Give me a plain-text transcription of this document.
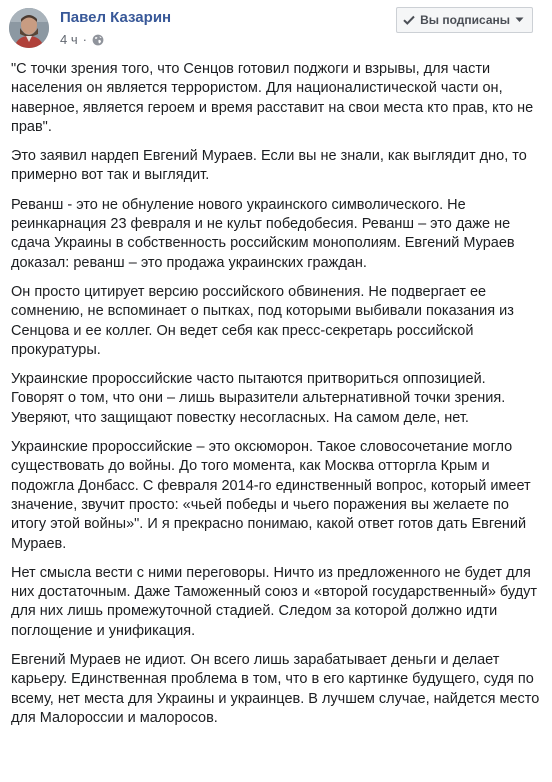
Павел Казарин
4 ч ·
Вы подписаны

"С точки зрения того, что Сенцов готовил поджоги и взрывы, для части населения он является террористом. Для националистической части он, наверное, является героем и время расставит на свои места кто прав, кто не прав".

Это заявил нардеп Евгений Мураев. Если вы не знали, как выглядит дно, то примерно вот так и выглядит.

Реванш - это не обнуление нового украинского символического. Не реинкарнация 23 февраля и не культ победобесия. Реванш – это даже не сдача Украины в собственность российским монополиям. Евгений Мураев доказал: реванш – это продажа украинских граждан.

Он просто цитирует версию российского обвинения. Не подвергает ее сомнению, не вспоминает о пытках, под которыми выбивали показания из Сенцова и ее коллег. Он ведет себя как пресс-секретарь российской прокуратуры.

Украинские пророссийские часто пытаются притвориться оппозицией. Говорят о том, что они – лишь выразители альтернативной точки зрения. Уверяют, что защищают повестку несогласных. На самом деле, нет.

Украинские пророссийские – это оксюморон. Такое словосочетание могло существовать до войны. До того момента, как Москва отторгла Крым и подожгла Донбасс. С февраля 2014-го единственный вопрос, который имеет значение, звучит просто: «чьей победы и чьего поражения вы желаете по итогу этой войны»". И я прекрасно понимаю, какой ответ готов дать Евгений Мураев.

Нет смысла вести с ними переговоры. Ничто из предложенного не будет для них достаточным. Даже Таможенный союз и «второй государственный» будут для них лишь промежуточной стадией. Следом за которой должно идти поглощение и унификация.

Евгений Мураев не идиот. Он всего лишь зарабатывает деньги и делает карьеру. Единственная проблема в том, что в его картинке будущего, судя по всему, нет места для Украины и украинцев. В лучшем случае, найдется место для Малороссии и малоросов.
